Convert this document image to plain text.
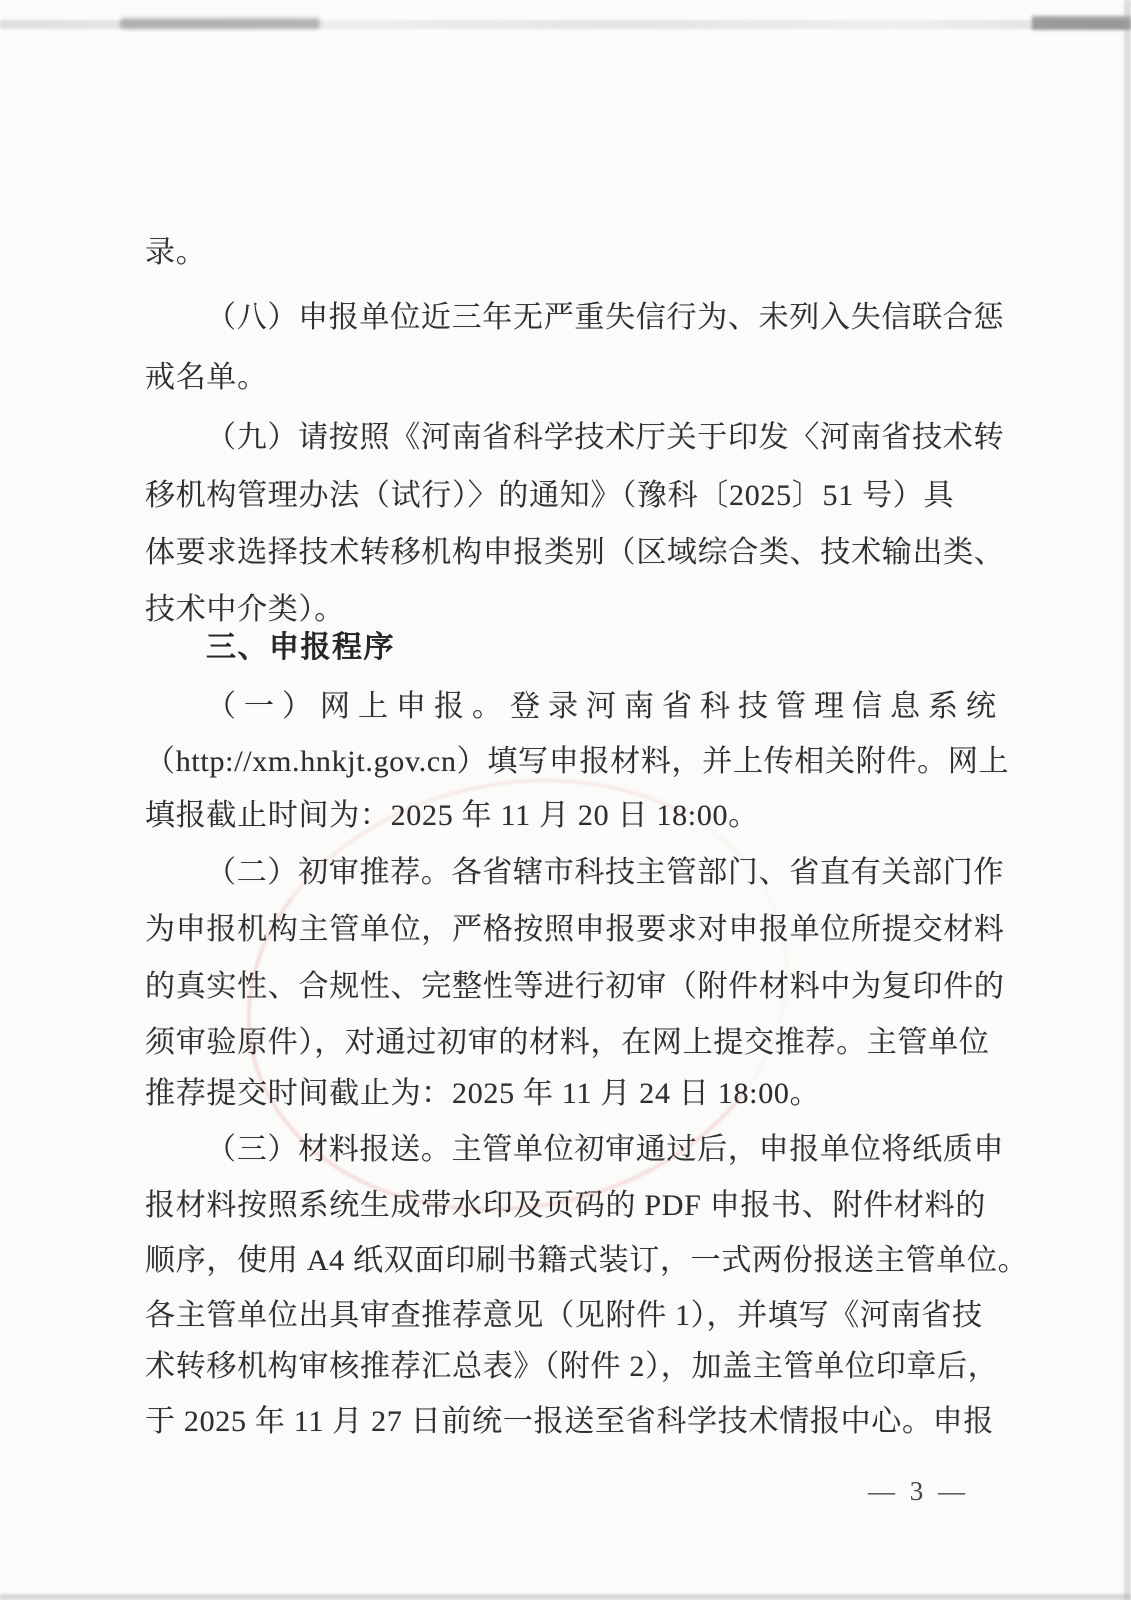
录。
（八）申报单位近三年无严重失信行为、未列入失信联合惩
戒名单。
（九）请按照《河南省科学技术厅关于印发〈河南省技术转
移机构管理办法（试行）〉的通知》（豫科〔2025〕51 号）具
体要求选择技术转移机构申报类别（区域综合类、技术输出类、
技术中介类）。
三、申报程序
（一）网上申报。登录河南省科技管理信息系统
（http://xm.hnkjt.gov.cn）填写申报材料，并上传相关附件。网上
填报截止时间为：2025 年 11 月 20 日 18:00。
（二）初审推荐。各省辖市科技主管部门、省直有关部门作
为申报机构主管单位，严格按照申报要求对申报单位所提交材料
的真实性、合规性、完整性等进行初审（附件材料中为复印件的
须审验原件），对通过初审的材料，在网上提交推荐。主管单位
推荐提交时间截止为：2025 年 11 月 24 日 18:00。
（三）材料报送。主管单位初审通过后，申报单位将纸质申
报材料按照系统生成带水印及页码的 PDF 申报书、附件材料的
顺序，使用 A4 纸双面印刷书籍式装订，一式两份报送主管单位。
各主管单位出具审查推荐意见（见附件 1），并填写《河南省技
术转移机构审核推荐汇总表》（附件 2），加盖主管单位印章后，
于 2025 年 11 月 27 日前统一报送至省科学技术情报中心。申报
— 3 —
